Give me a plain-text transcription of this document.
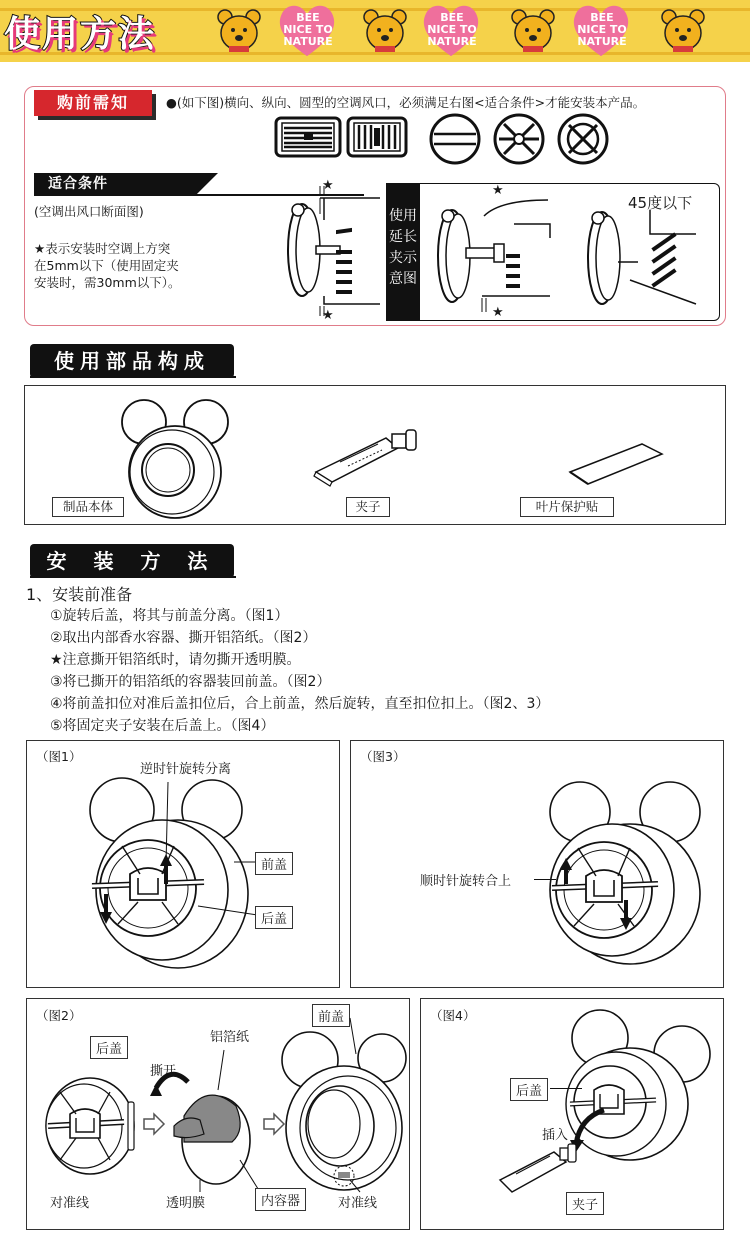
BEE
NICE TO
NATURE
BEE
NICE TO
NATURE
BEE
NICE TO
NATURE
使用方法
购前需知	●(如下图)横向、纵向、圆型的空调风口，必须满足右图<适合条件>才能安装本产品。
适合条件
(空调出风口断面图)
★表示安装时空调上方突
在5mm以下（使用固定夹
安装时，需30mm以下）。
★
★
使用
延长
夹示
意图
★
★
45度以下
使用部品构成
制品本体	夹子	叶片保护贴
安 装 方 法
1、安装前准备
①旋转后盖，将其与前盖分离。（图1）
②取出内部香水容器、撕开铝箔纸。（图2）
★注意撕开铝箔纸时，请勿撕开透明膜。
③将已撕开的铝箔纸的容器装回前盖。（图2）
④将前盖扣位对准后盖扣位后，合上前盖，然后旋转，直至扣位扣上。（图2、3）
⑤将固定夹子安装在后盖上。（图4）
（图1）
逆时针旋转分离
前盖
后盖
（图3）
顺时针旋转合上
（图2）
后盖
撕开
铝箔纸
前盖
对准线	透明膜	内容器	对准线
（图4）
后盖
插入
夹子
